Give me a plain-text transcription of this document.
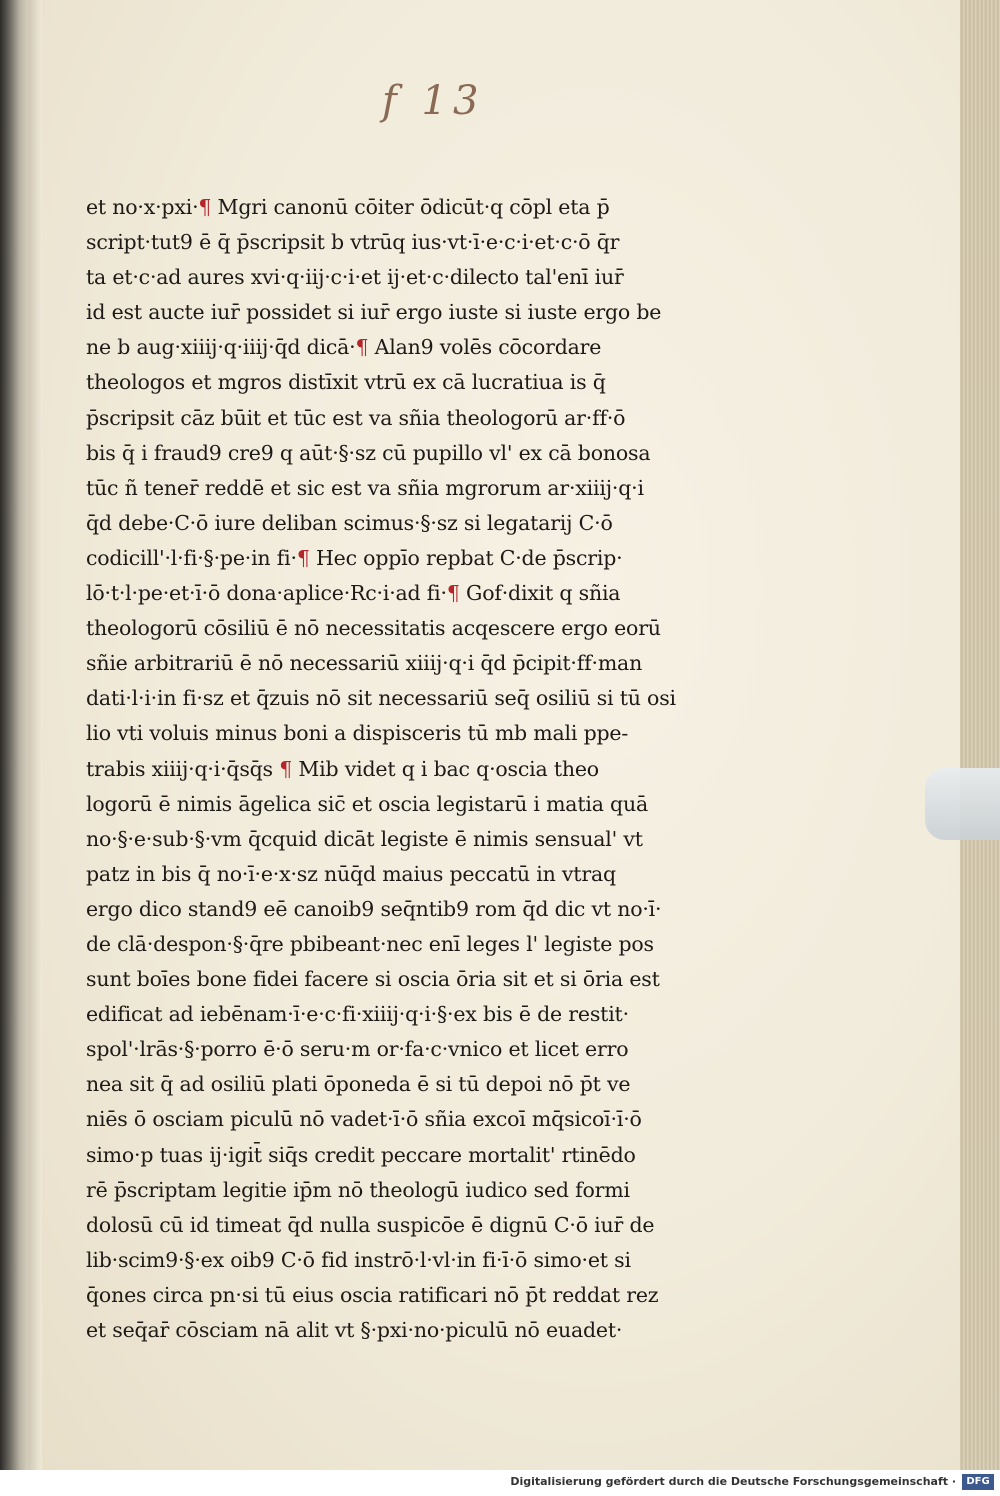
f 13
et no·x·pxi·¶ Mgri canonū cōiter ōdicūt·q cōpl eta p̄
script·tut9 ē q̄ p̄scripsit b vtrūq ius·vt·ī·e·c·i·et·c·ō q̄r
ta et·c·ad aures xvi·q·iij·c·i·et ij·et·c·dilecto tal'enī iur̄
id est aucte iur̄ possidet si iur̄ ergo iuste si iuste ergo be
ne b aug·xiiij·q·iiij·q̄d dicā·¶ Alan9 volēs cōcordare
theologos et mgros distīxit vtrū ex cā lucratiua is q̄
p̄scripsit cāz būit et tūc est va sñia theologorū ar·ff·ō
bis q̄ i fraud9 cre9 q aūt·§·sz cū pupillo vl' ex cā bonosa
tūc ñ tener̄ reddē et sic est va sñia mgrorum ar·xiiij·q·i
q̄d debe·C·ō iure deliban scimus·§·sz si legatarij C·ō
codicill'·l·fi·§·pe·in fi·¶ Hec oppīo repbat C·de p̄scrip·
lō·t·l·pe·et·ī·ō dona·aplice·Rc·i·ad fi·¶ Gof·dixit q sñia
theologorū cōsiliū ē nō necessitatis acqescere ergo eorū
sñie arbitrariū ē nō necessariū xiiij·q·i q̄d p̄cipit·ff·man
dati·l·i·in fi·sz et q̄zuis nō sit necessariū seq̄ osiliū si tū osi
lio vti voluis minus boni a dispisceris tū mb mali ppe-
trabis xiiij·q·i·q̄sq̄s ¶ Mib videt q i bac q·oscia theo
logorū ē nimis āgelica sic̄ et oscia legistarū i matia quā
no·§·e·sub·§·vm q̄cquid dicāt legiste ē nimis sensual' vt
patz in bis q̄ no·ī·e·x·sz nūq̄d maius peccatū in vtraq
ergo dico stand9 eē canoib9 seq̄ntib9 rom q̄d dic vt no·ī·
de clā·despon·§·q̄re pbibeant·nec enī leges l' legiste pos
sunt boīes bone fidei facere si oscia ōria sit et si ōria est
edificat ad iebēnam·ī·e·c·fi·xiiij·q·i·§·ex bis ē de restit·
spol'·lrās·§·porro ē·ō seru·m or·fa·c·vnico et licet erro
nea sit q̄ ad osiliū plati ōponeda ē si tū depoi nō p̄t ve
niēs ō osciam piculū nō vadet·ī·ō sñia excoī mq̄sicoī·ī·ō
simo·p tuas ij·igit̄ siq̄s credit peccare mortalit' rtinēdo
rē p̄scriptam legitie ip̄m nō theologū iudico sed formi
dolosū cū id timeat q̄d nulla suspicōe ē dignū C·ō iur̄ de
lib·scim9·§·ex oib9 C·ō fid instrō·l·vl·in fi·ī·ō simo·et si
q̄ones circa pn·si tū eius oscia ratificari nō p̄t reddat rez
et seq̄ar̄ cōsciam nā alit vt §·pxi·no·piculū nō euadet·
Digitalisierung gefördert durch die Deutsche Forschungsgemeinschaft ·	DFG
